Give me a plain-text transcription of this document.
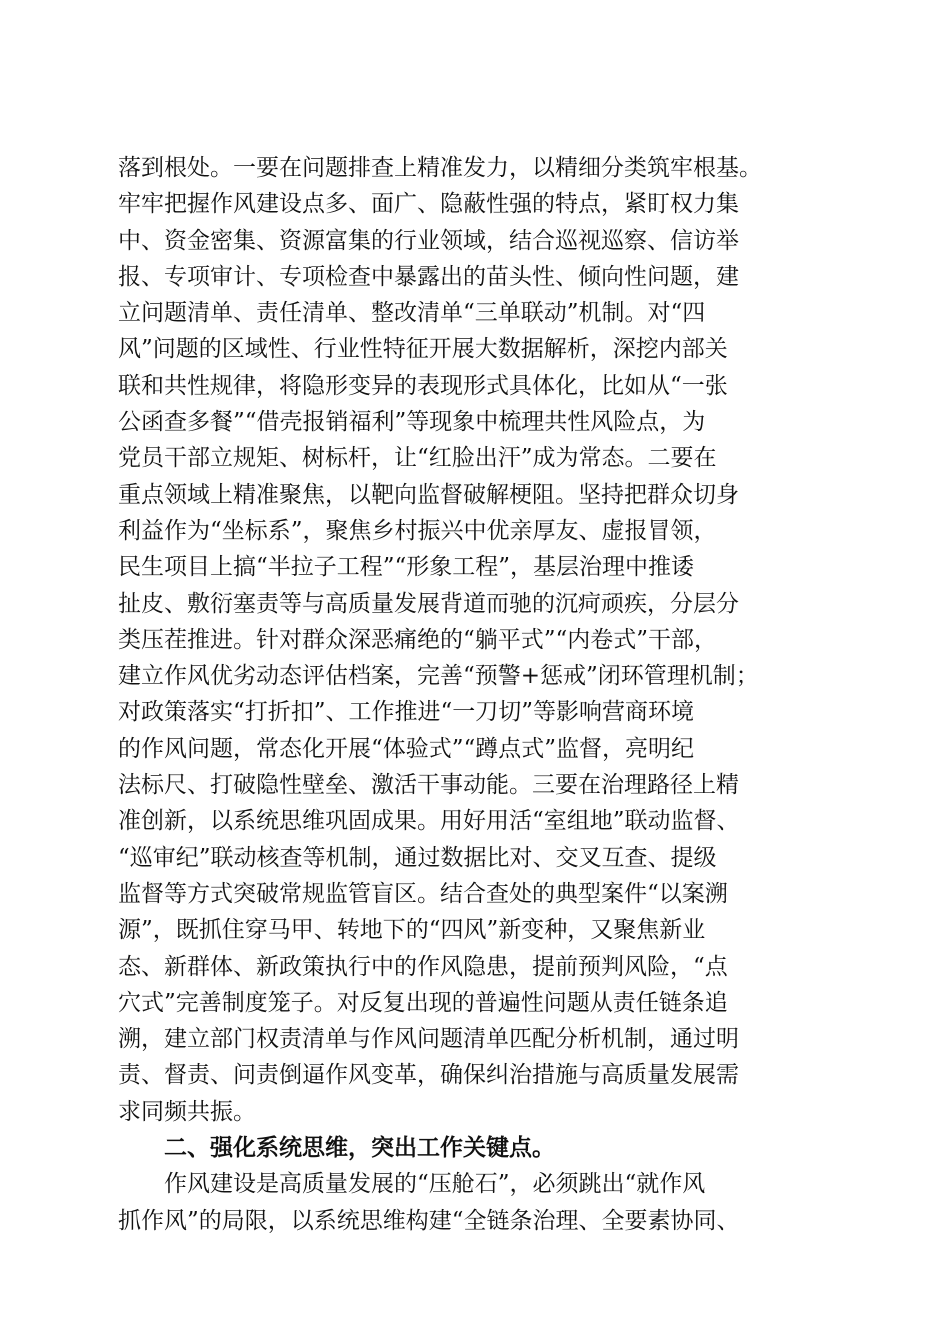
落到根处。一要在问题排查上精准发力，以精细分类筑牢根基。
牢牢把握作风建设点多、面广、隐蔽性强的特点，紧盯权力集
中、资金密集、资源富集的行业领域，结合巡视巡察、信访举
报、专项审计、专项检查中暴露出的苗头性、倾向性问题，建
立问题清单、责任清单、整改清单“三单联动”机制。对“四
风”问题的区域性、行业性特征开展大数据解析，深挖内部关
联和共性规律，将隐形变异的表现形式具体化，比如从“一张
公函查多餐”“借壳报销福利”等现象中梳理共性风险点，为
党员干部立规矩、树标杆，让“红脸出汗”成为常态。二要在
重点领域上精准聚焦，以靶向监督破解梗阻。坚持把群众切身
利益作为“坐标系”，聚焦乡村振兴中优亲厚友、虚报冒领，
民生项目上搞“半拉子工程”“形象工程”，基层治理中推诿
扯皮、敷衍塞责等与高质量发展背道而驰的沉疴顽疾，分层分
类压茬推进。针对群众深恶痛绝的“躺平式”“内卷式”干部，
建立作风优劣动态评估档案，完善“预警+惩戒”闭环管理机制；
对政策落实“打折扣”、工作推进“一刀切”等影响营商环境
的作风问题，常态化开展“体验式”“蹲点式”监督，亮明纪
法标尺、打破隐性壁垒、激活干事动能。三要在治理路径上精
准创新，以系统思维巩固成果。用好用活“室组地”联动监督、
“巡审纪”联动核查等机制，通过数据比对、交叉互查、提级
监督等方式突破常规监管盲区。结合查处的典型案件“以案溯
源”，既抓住穿马甲、转地下的“四风”新变种，又聚焦新业
态、新群体、新政策执行中的作风隐患，提前预判风险，“点
穴式”完善制度笼子。对反复出现的普遍性问题从责任链条追
溯，建立部门权责清单与作风问题清单匹配分析机制，通过明
责、督责、问责倒逼作风变革，确保纠治措施与高质量发展需
求同频共振。
二、强化系统思维，突出工作关键点。
作风建设是高质量发展的“压舱石”，必须跳出“就作风
抓作风”的局限，以系统思维构建“全链条治理、全要素协同、
